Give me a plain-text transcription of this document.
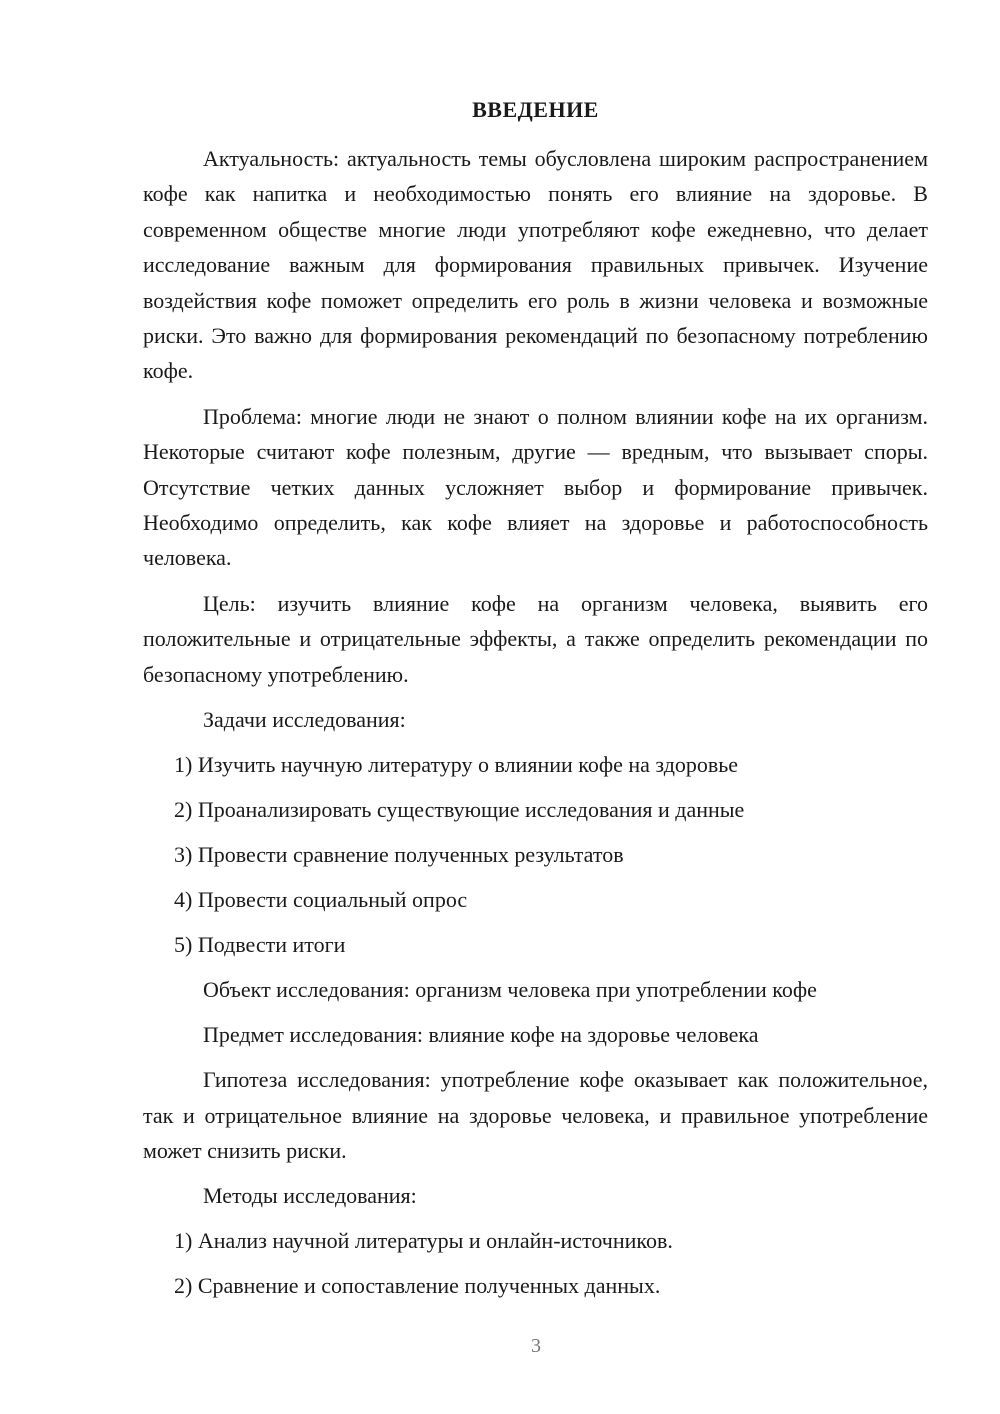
ВВЕДЕНИЕ

Актуальность: актуальность темы обусловлена широким распространением кофе как напитка и необходимостью понять его влияние на здоровье. В современном обществе многие люди употребляют кофе ежедневно, что делает исследование важным для формирования правильных привычек. Изучение воздействия кофе поможет определить его роль в жизни человека и возможные риски. Это важно для формирования рекомендаций по безопасному потреблению кофе.

Проблема: многие люди не знают о полном влиянии кофе на их организм. Некоторые считают кофе полезным, другие — вредным, что вызывает споры. Отсутствие четких данных усложняет выбор и формирование привычек. Необходимо определить, как кофе влияет на здоровье и работоспособность человека.

Цель: изучить влияние кофе на организм человека, выявить его положительные и отрицательные эффекты, а также определить рекомендации по безопасному употреблению.

Задачи исследования:
1) Изучить научную литературу о влиянии кофе на здоровье
2) Проанализировать существующие исследования и данные
3) Провести сравнение полученных результатов
4) Провести социальный опрос
5) Подвести итоги
Объект исследования: организм человека при употреблении кофе
Предмет исследования: влияние кофе на здоровье человека

Гипотеза исследования: употребление кофе оказывает как положительное, так и отрицательное влияние на здоровье человека, и правильное употребление может снизить риски.

Методы исследования:
1) Анализ научной литературы и онлайн-источников.
2) Сравнение и сопоставление полученных данных.
3
